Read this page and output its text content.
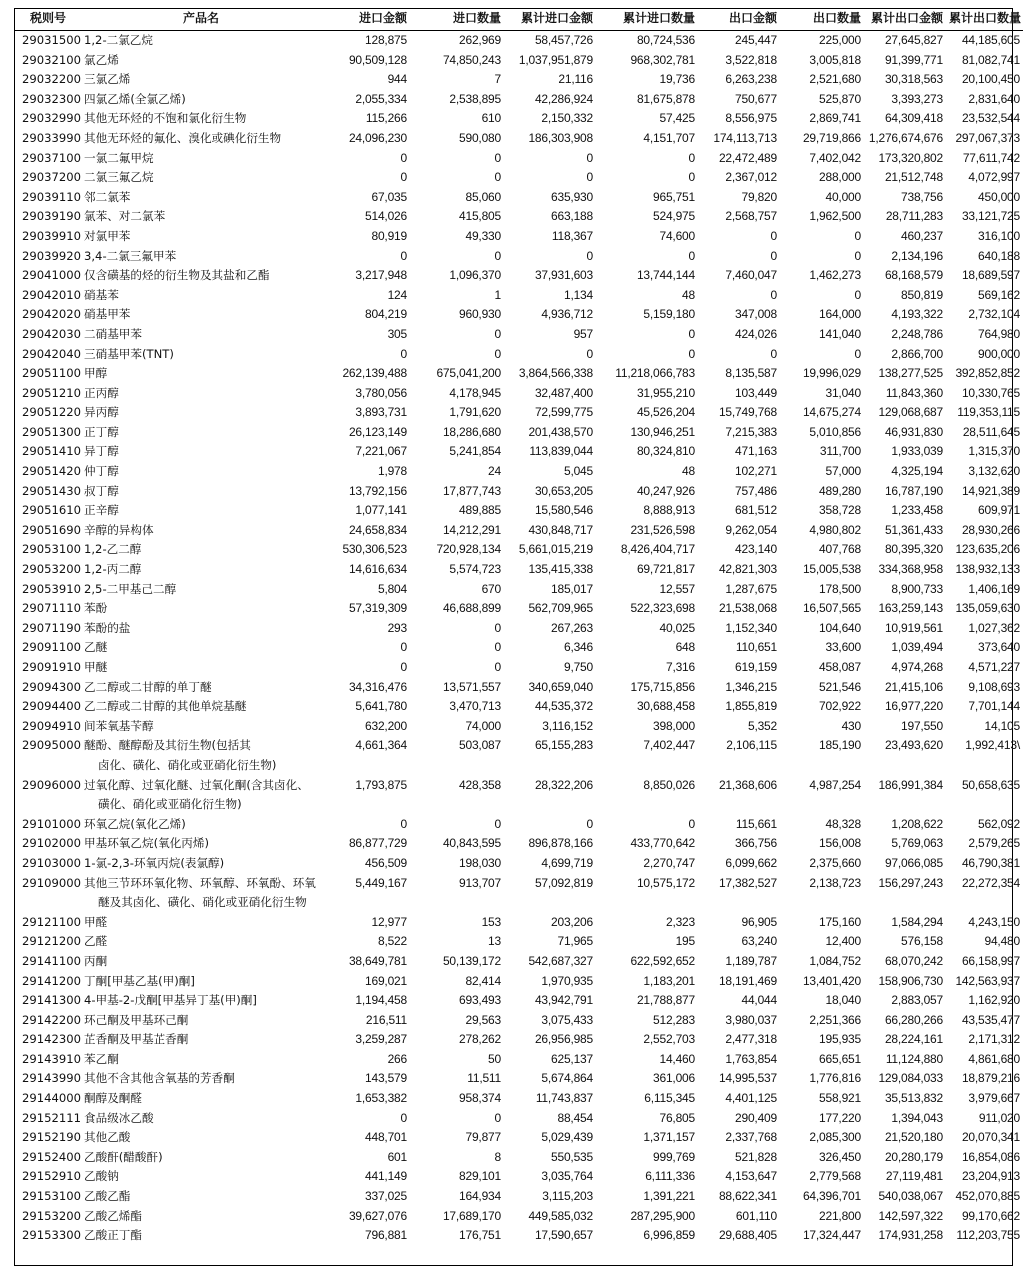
税则号	产品名	进口金额	进口数量	累计进口金额	累计进口数量	出口金额	出口数量	累计出口金额	累计出口数量
29031500	1,2-二氯乙烷	128,875	262,969	58,457,726	80,724,536	245,447	225,000	27,645,827	44,185,605
29032100	氯乙烯	90,509,128	74,850,243	1,037,951,879	968,302,781	3,522,818	3,005,818	91,399,771	81,082,741
29032200	三氯乙烯	944	7	21,116	19,736	6,263,238	2,521,680	30,318,563	20,100,450
29032300	四氯乙烯(全氯乙烯)	2,055,334	2,538,895	42,286,924	81,675,878	750,677	525,870	3,393,273	2,831,640
29032990	其他无环烃的不饱和氯化衍生物	115,266	610	2,150,332	57,425	8,556,975	2,869,741	64,309,418	23,532,544
29033990	其他无环烃的氟化、溴化或碘化衍生物	24,096,230	590,080	186,303,908	4,151,707	174,113,713	29,719,866	1,276,674,676	297,067,373
29037100	一氯二氟甲烷	0	0	0	0	22,472,489	7,402,042	173,320,802	77,611,742
29037200	二氯三氟乙烷	0	0	0	0	2,367,012	288,000	21,512,748	4,072,997
29039110	邻二氯苯	67,035	85,060	635,930	965,751	79,820	40,000	738,756	450,000
29039190	氯苯、对二氯苯	514,026	415,805	663,188	524,975	2,568,757	1,962,500	28,711,283	33,121,725
29039910	对氯甲苯	80,919	49,330	118,367	74,600	0	0	460,237	316,100
29039920	3,4-二氯三氟甲苯	0	0	0	0	0	0	2,134,196	640,188
29041000	仅含磺基的烃的衍生物及其盐和乙酯	3,217,948	1,096,370	37,931,603	13,744,144	7,460,047	1,462,273	68,168,579	18,689,597
29042010	硝基苯	124	1	1,134	48	0	0	850,819	569,162
29042020	硝基甲苯	804,219	960,930	4,936,712	5,159,180	347,008	164,000	4,193,322	2,732,104
29042030	二硝基甲苯	305	0	957	0	424,026	141,040	2,248,786	764,980
29042040	三硝基甲苯(TNT)	0	0	0	0	0	0	2,866,700	900,000
29051100	甲醇	262,139,488	675,041,200	3,864,566,338	11,218,066,783	8,135,587	19,996,029	138,277,525	392,852,852
29051210	正丙醇	3,780,056	4,178,945	32,487,400	31,955,210	103,449	31,040	11,843,360	10,330,765
29051220	异丙醇	3,893,731	1,791,620	72,599,775	45,526,204	15,749,768	14,675,274	129,068,687	119,353,115
29051300	正丁醇	26,123,149	18,286,680	201,438,570	130,946,251	7,215,383	5,010,856	46,931,830	28,511,645
29051410	异丁醇	7,221,067	5,241,854	113,839,044	80,324,810	471,163	311,700	1,933,039	1,315,370
29051420	仲丁醇	1,978	24	5,045	48	102,271	57,000	4,325,194	3,132,620
29051430	叔丁醇	13,792,156	17,877,743	30,653,205	40,247,926	757,486	489,280	16,787,190	14,921,389
29051610	正辛醇	1,077,141	489,885	15,580,546	8,888,913	681,512	358,728	1,233,458	609,971
29051690	辛醇的异构体	24,658,834	14,212,291	430,848,717	231,526,598	9,262,054	4,980,802	51,361,433	28,930,266
29053100	1,2-乙二醇	530,306,523	720,928,134	5,661,015,219	8,426,404,717	423,140	407,768	80,395,320	123,635,206
29053200	1,2-丙二醇	14,616,634	5,574,723	135,415,338	69,721,817	42,821,303	15,005,538	334,368,958	138,932,133
29053910	2,5-二甲基己二醇	5,804	670	185,017	12,557	1,287,675	178,500	8,900,733	1,406,169
29071110	苯酚	57,319,309	46,688,899	562,709,965	522,323,698	21,538,068	16,507,565	163,259,143	135,059,630
29071190	苯酚的盐	293	0	267,263	40,025	1,152,340	104,640	10,919,561	1,027,362
29091100	乙醚	0	0	6,346	648	110,651	33,600	1,039,494	373,640
29091910	甲醚	0	0	9,750	7,316	619,159	458,087	4,974,268	4,571,227
29094300	乙二醇或二甘醇的单丁醚	34,316,476	13,571,557	340,659,040	175,715,856	1,346,215	521,546	21,415,106	9,108,693
29094400	乙二醇或二甘醇的其他单烷基醚	5,641,780	3,470,713	44,535,372	30,688,458	1,855,819	702,922	16,977,220	7,701,144
29094910	间苯氧基苄醇	632,200	74,000	3,116,152	398,000	5,352	430	197,550	14,105
29095000	醚酚、醚醇酚及其衍生物(包括其	4,661,364	503,087	65,155,283	7,402,447	2,106,115	185,190	23,493,620	1,992,413\

	卤化、磺化、硝化或亚硝化衍生物)								

29096000	过氧化醇、过氧化醚、过氧化酮(含其卤化、	1,793,875	428,358	28,322,206	8,850,026	21,368,606	4,987,254	186,991,384	50,658,635

	磺化、硝化或亚硝化衍生物)								

29101000	环氧乙烷(氧化乙烯)	0	0	0	0	115,661	48,328	1,208,622	562,092
29102000	甲基环氧乙烷(氧化丙烯)	86,877,729	40,843,595	896,878,166	433,770,642	366,756	156,008	5,769,063	2,579,265
29103000	1-氯-2,3-环氧丙烷(表氯醇)	456,509	198,030	4,699,719	2,270,747	6,099,662	2,375,660	97,066,085	46,790,381
29109000	其他三节环环氧化物、环氧醇、环氧酚、环氧	5,449,167	913,707	57,092,819	10,575,172	17,382,527	2,138,723	156,297,243	22,272,354

	醚及其卤化、磺化、硝化或亚硝化衍生物								

29121100	甲醛	12,977	153	203,206	2,323	96,905	175,160	1,584,294	4,243,150
29121200	乙醛	8,522	13	71,965	195	63,240	12,400	576,158	94,480
29141100	丙酮	38,649,781	50,139,172	542,687,327	622,592,652	1,189,787	1,084,752	68,070,242	66,158,997
29141200	丁酮[甲基乙基(甲)酮]	169,021	82,414	1,970,935	1,183,201	18,191,469	13,401,420	158,906,730	142,563,937
29141300	4-甲基-2-戊酮[甲基异丁基(甲)酮]	1,194,458	693,493	43,942,791	21,788,877	44,044	18,040	2,883,057	1,162,920
29142200	环己酮及甲基环己酮	216,511	29,563	3,075,433	512,283	3,980,037	2,251,366	66,280,266	43,535,477
29142300	芷香酮及甲基芷香酮	3,259,287	278,262	26,956,985	2,552,703	2,477,318	195,935	28,224,161	2,171,312
29143910	苯乙酮	266	50	625,137	14,460	1,763,854	665,651	11,124,880	4,861,680
29143990	其他不含其他含氧基的芳香酮	143,579	11,511	5,674,864	361,006	14,995,537	1,776,816	129,084,033	18,879,216
29144000	酮醇及酮醛	1,653,382	958,374	11,743,837	6,115,345	4,401,125	558,921	35,513,832	3,979,667
29152111	食品级冰乙酸	0	0	88,454	76,805	290,409	177,220	1,394,043	911,020
29152190	其他乙酸	448,701	79,877	5,029,439	1,371,157	2,337,768	2,085,300	21,520,180	20,070,341
29152400	乙酸酐(醋酸酐)	601	8	550,535	999,769	521,828	326,450	20,280,179	16,854,086
29152910	乙酸钠	441,149	829,101	3,035,764	6,111,336	4,153,647	2,779,568	27,119,481	23,204,913
29153100	乙酸乙酯	337,025	164,934	3,115,203	1,391,221	88,622,341	64,396,701	540,038,067	452,070,885
29153200	乙酸乙烯酯	39,627,076	17,689,170	449,585,032	287,295,900	601,110	221,800	142,597,322	99,170,662
29153300	乙酸正丁酯	796,881	176,751	17,590,657	6,996,859	29,688,405	17,324,447	174,931,258	112,203,755
